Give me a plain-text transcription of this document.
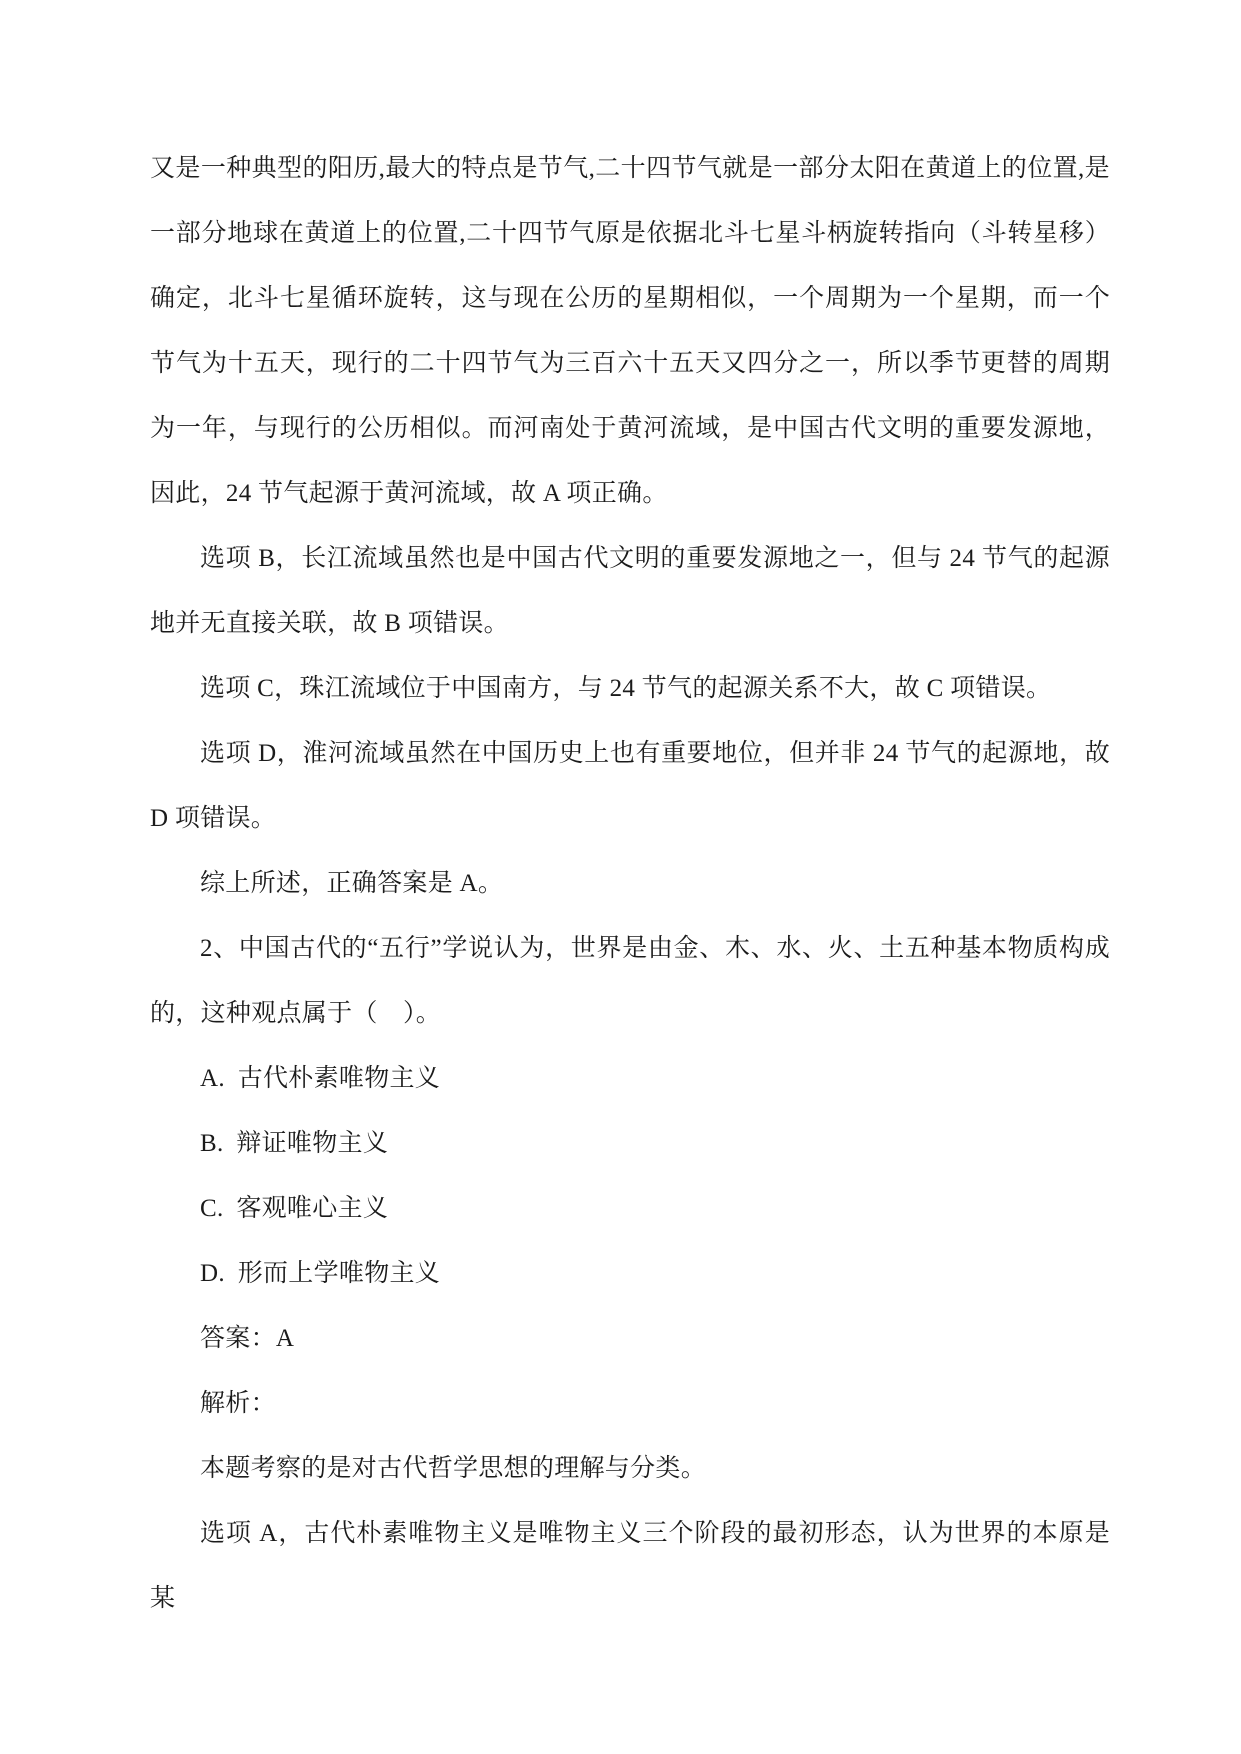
又是一种典型的阳历,最大的特点是节气,二十四节气就是一部分太阳在黄道上的位置,是一部分地球在黄道上的位置,二十四节气原是依据北斗七星斗柄旋转指向（斗转星移）确定，北斗七星循环旋转，这与现在公历的星期相似，一个周期为一个星期，而一个节气为十五天，现行的二十四节气为三百六十五天又四分之一，所以季节更替的周期为一年，与现行的公历相似。而河南处于黄河流域，是中国古代文明的重要发源地，因此，24 节气起源于黄河流域，故 A 项正确。

选项 B，长江流域虽然也是中国古代文明的重要发源地之一，但与 24 节气的起源地并无直接关联，故 B 项错误。

选项 C，珠江流域位于中国南方，与 24 节气的起源关系不大，故 C 项错误。

选项 D，淮河流域虽然在中国历史上也有重要地位，但并非 24 节气的起源地，故 D 项错误。

综上所述，正确答案是 A。

2、中国古代的“五行”学说认为，世界是由金、木、水、火、土五种基本物质构成的，这种观点属于（　）。

A. 古代朴素唯物主义

B. 辩证唯物主义

C. 客观唯心主义

D. 形而上学唯物主义

答案：A

解析：

本题考察的是对古代哲学思想的理解与分类。

选项 A，古代朴素唯物主义是唯物主义三个阶段的最初形态，认为世界的本原是某
